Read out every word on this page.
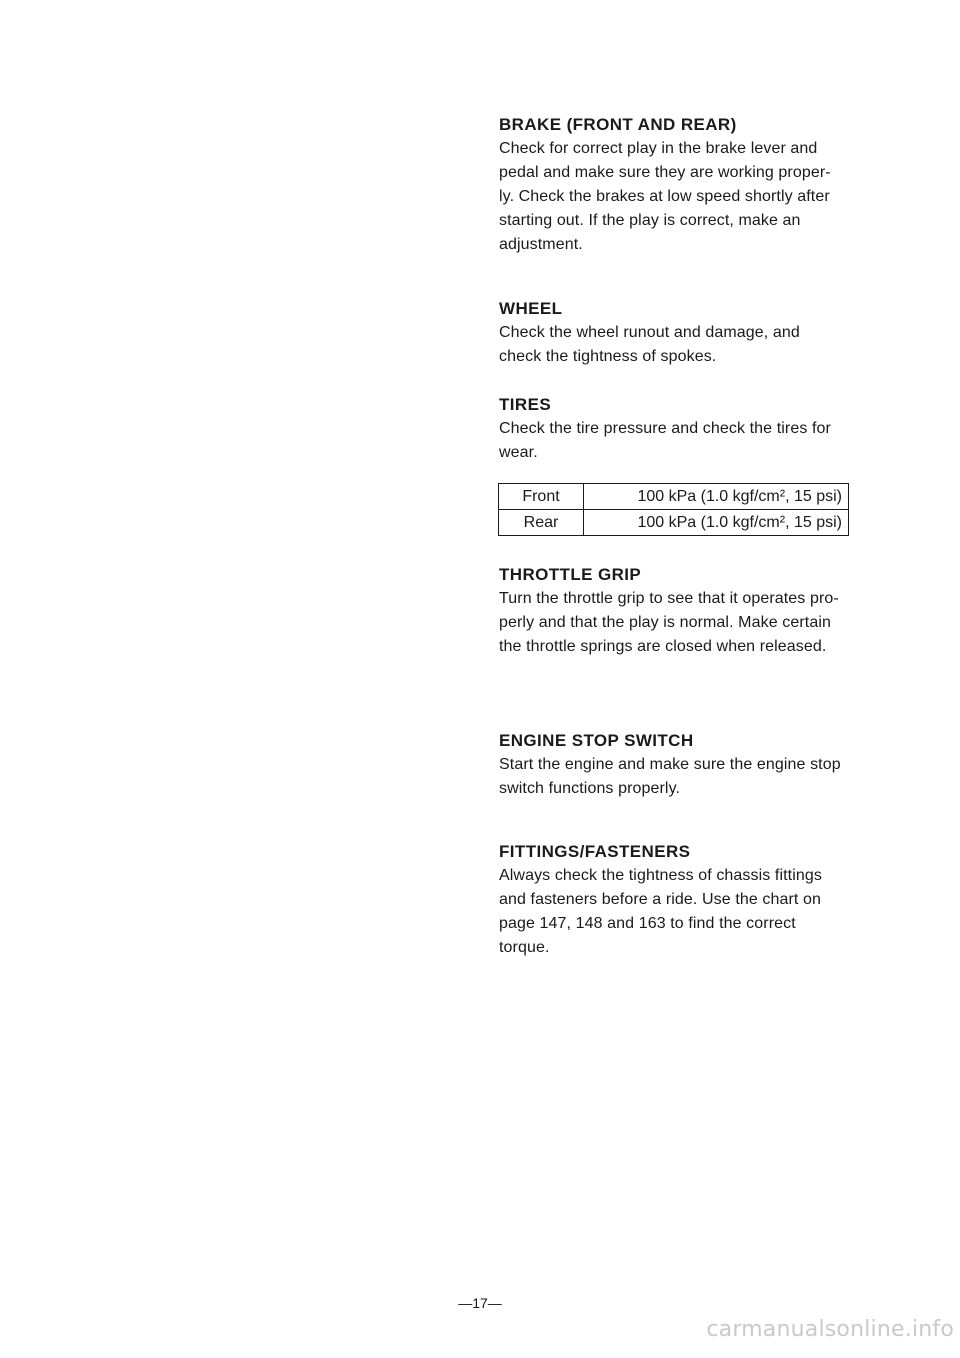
BRAKE (FRONT AND REAR)

Check for correct play in the brake lever and
pedal and make sure they are working proper-
ly. Check the brakes at low speed shortly after
starting out. If the play is correct, make an
adjustment.

WHEEL

Check the wheel runout and damage, and
check the tightness of spokes.

TIRES

Check the tire pressure and check the tires for
wear.

Front	100 kPa (1.0 kgf/cm², 15 psi)
Rear	100 kPa (1.0 kgf/cm², 15 psi)
THROTTLE GRIP

Turn the throttle grip to see that it operates pro-
perly and that the play is normal. Make certain
the throttle springs are closed when released.

ENGINE STOP SWITCH

Start the engine and make sure the engine stop
switch functions properly.

FITTINGS/FASTENERS

Always check the tightness of chassis fittings
and fasteners before a ride. Use the chart on
page 147, 148 and 163 to find the correct
torque.

—17—
carmanualsonline.info
